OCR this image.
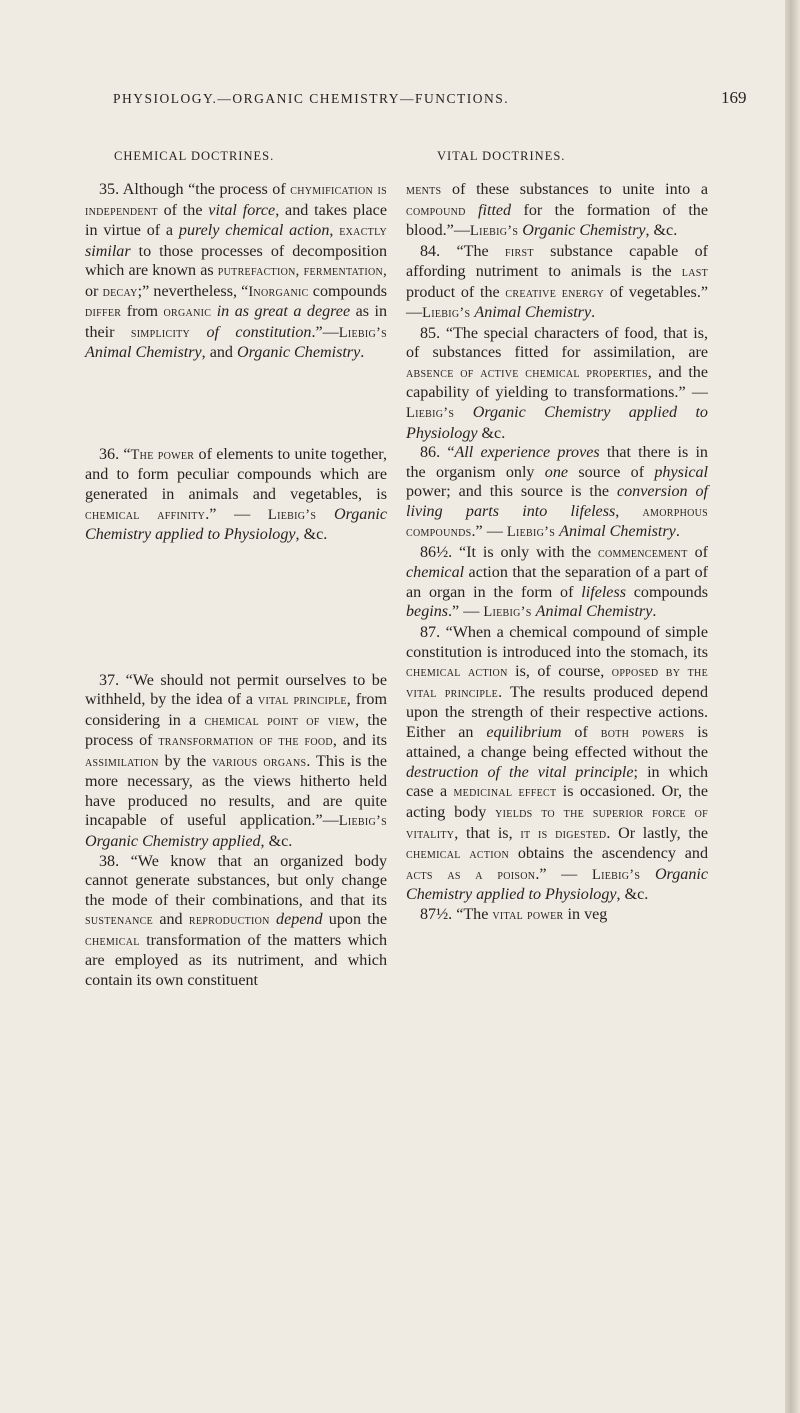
PHYSIOLOGY.—ORGANIC CHEMISTRY—FUNCTIONS.	169
CHEMICAL DOCTRINES.	VITAL DOCTRINES.

35. Although “the process of chymification is independent of the vital force, and takes place in virtue of a purely chemical action, exactly similar to those processes of decomposition which are known as putrefaction, fermentation, or decay;” nevertheless, “Inorganic compounds differ from organic in as great a degree as in their simplicity of constitution.”—Liebig’s Animal Chemistry, and Organic Chemistry.

36. “The power of elements to unite together, and to form peculiar compounds which are generated in animals and vegetables, is chemical affinity.” — Liebig’s Organic Chemistry applied to Physiology, &c.

37. “We should not permit ourselves to be withheld, by the idea of a vital principle, from considering in a chemical point of view, the process of transformation of the food, and its assimilation by the various organs. This is the more necessary, as the views hitherto held have produced no results, and are quite incapable of useful application.”—Liebig’s Organic Chemistry applied, &c.

38. “We know that an organized body cannot generate substances, but only change the mode of their combinations, and that its sustenance and reproduction depend upon the chemical transformation of the matters which are employed as its nutriment, and which contain its own constituent

ments of these substances to unite into a compound fitted for the formation of the blood.”—Liebig’s Organic Chemistry, &c.

84. “The first substance capable of affording nutriment to animals is the last product of the creative energy of vegetables.” —Liebig’s Animal Chemistry.

85. “The special characters of food, that is, of substances fitted for assimilation, are absence of active chemical properties, and the capability of yielding to transformations.” — Liebig’s Organic Chemistry applied to Physiology &c.

86. “All experience proves that there is in the organism only one source of physical power; and this source is the conversion of living parts into lifeless, amorphous compounds.” — Liebig’s Animal Chemistry.

86½. “It is only with the commencement of chemical action that the separation of a part of an organ in the form of lifeless compounds begins.” — Liebig’s Animal Chemistry.

87. “When a chemical compound of simple constitution is introduced into the stomach, its chemical action is, of course, opposed by the vital principle. The results produced depend upon the strength of their respective actions. Either an equilibrium of both powers is attained, a change being effected without the destruction of the vital principle; in which case a medicinal effect is occasioned. Or, the acting body yields to the superior force of vitality, that is, it is digested. Or lastly, the chemical action obtains the ascendency and acts as a poison.” — Liebig’s Organic Chemistry applied to Physiology, &c.

87½. “The vital power in veg
